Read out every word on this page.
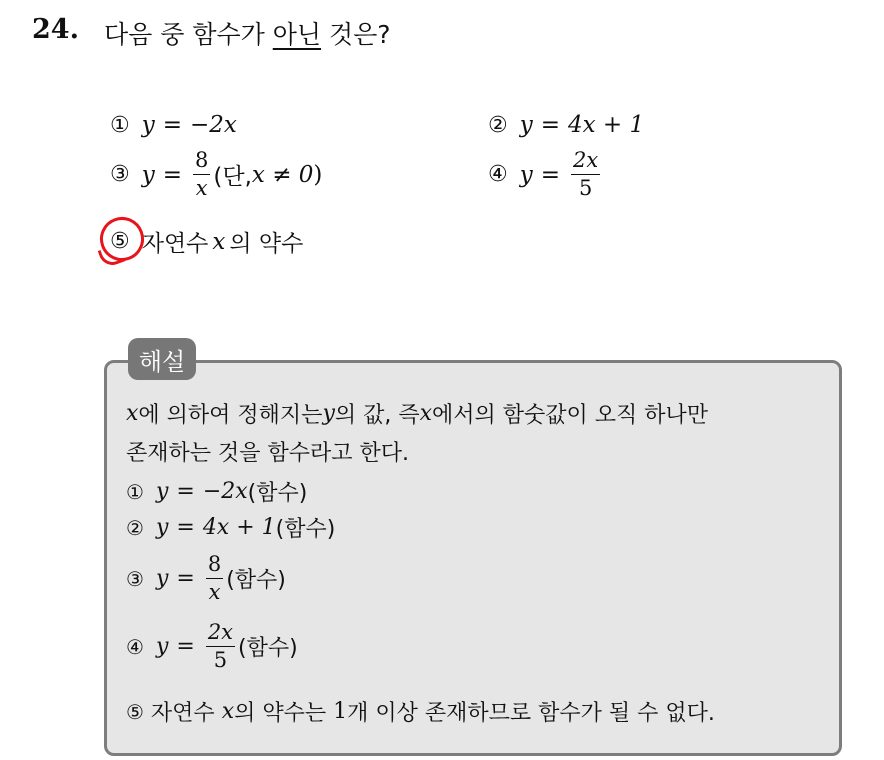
24. 다음 중 함수가 아닌 것은?
① y = −2x	② y = 4x + 1
③ $y = \frac{8}{x}$ (단, x ≠ 0 )	④ $y = \frac{2x}{5}$
⑤ 자연수 x 의 약수
해설
x 에 의하여 정해지는 y 의 값, 즉 x 에서의 함숫값이 오직 하나만
존재하는 것을 함수라고 한다.
① y = −2x (함수)
② y = 4x + 1 (함수)
③ $y = \frac{8}{x}$ (함수)
④ $y = \frac{2x}{5}$ (함수)
⑤ 자연수 x 의 약수는 1 개 이상 존재하므로 함수가 될 수 없다.
